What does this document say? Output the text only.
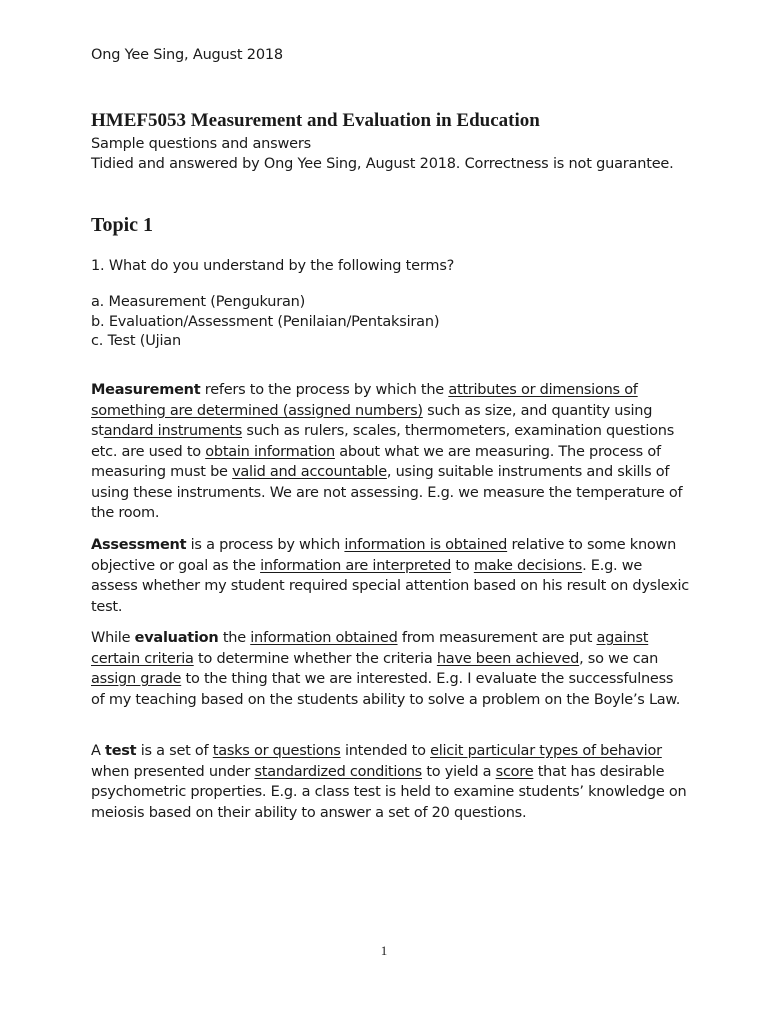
Ong Yee Sing, August 2018
HMEF5053 Measurement and Evaluation in Education
Sample questions and answers
Tidied and answered by Ong Yee Sing, August 2018. Correctness is not guarantee.
Topic 1
1. What do you understand by the following terms?
a. Measurement (Pengukuran)
b. Evaluation/Assessment (Penilaian/Pentaksiran)
c. Test (Ujian

Measurement refers to the process by which the attributes or dimensions of something are determined (assigned numbers) such as size, and quantity using standard instruments such as rulers, scales, thermometers, examination questions etc. are used to obtain information about what we are measuring. The process of measuring must be valid and accountable, using suitable instruments and skills of using these instruments. We are not assessing. E.g. we measure the temperature of the room.

Assessment is a process by which information is obtained relative to some known objective or goal as the information are interpreted to make decisions. E.g. we assess whether my student required special attention based on his result on dyslexic test.

While evaluation the information obtained from measurement are put against certain criteria to determine whether the criteria have been achieved, so we can assign grade to the thing that we are interested. E.g. I evaluate the successfulness of my teaching based on the students ability to solve a problem on the Boyle’s Law.

A test is a set of tasks or questions intended to elicit particular types of behavior when presented under standardized conditions to yield a score that has desirable psychometric properties. E.g. a class test is held to examine students’ knowledge on meiosis based on their ability to answer a set of 20 questions.

1
